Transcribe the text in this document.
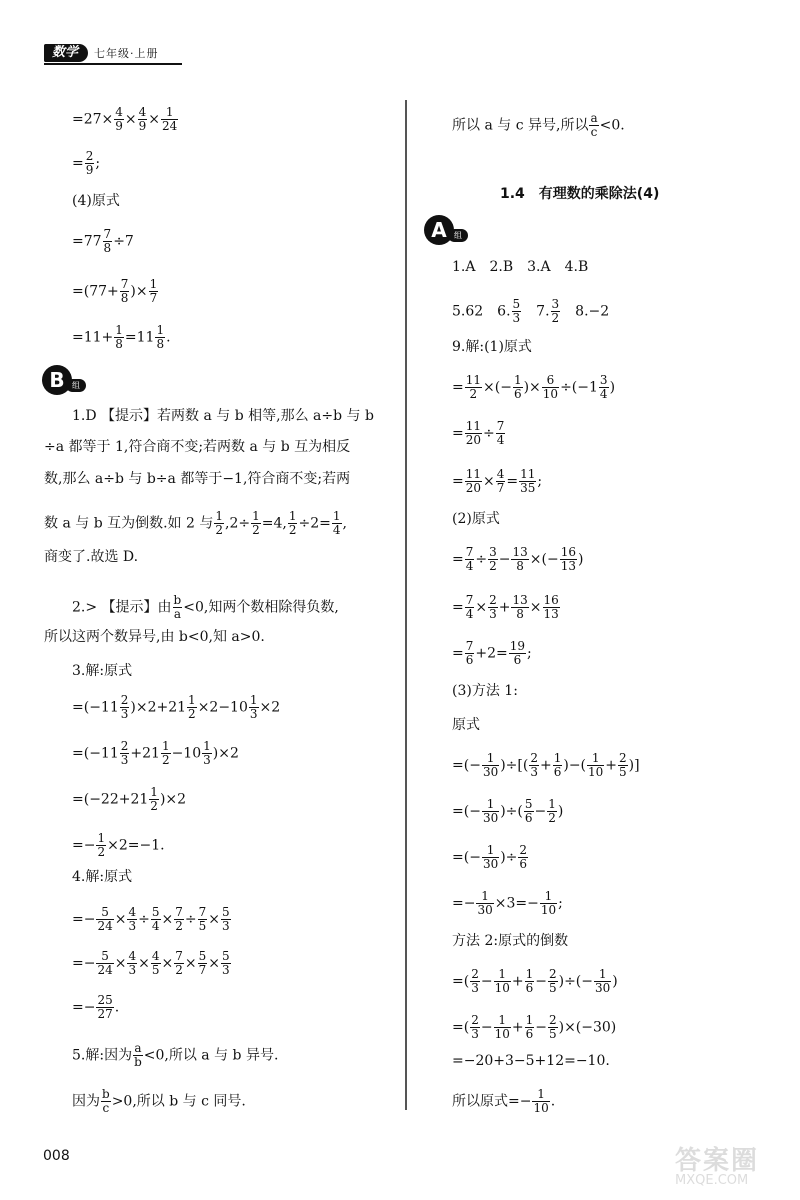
数学	七年级·上册
$=27\times \frac{4}{9} \times \frac{4}{9} \times \frac{1}{24}$
= $\frac{2}{9}$ ;
(4)原式
$=77 \frac{7}{8} \div 7$
$=(77+ \frac{7}{8}$ )× $\frac{1}{7}$
$=11+ \frac{1}{8} =11 \frac{1}{8}$ .
B 组
1.D 【提示】若两数 a 与 b 相等,那么 a÷b 与 b
÷a 都等于 1,符合商不变;若两数 a 与 b 互为相反
数,那么 a÷b 与 b÷a 都等于−1,符合商不变;若两
数 a 与 b 互为倒数.如 2 与 $\frac{1}{2} ,2\div \frac{1}{2} =4$, $\frac{1}{2} \div 2= \frac{1}{4}$ ,
商变了.故选 D.
2.> 【提示】由 $\frac{b}{a} <0$,知两个数相除得负数,
所以这两个数异号,由 b<0,知 a>0.
3.解:原式
$=(-11 \frac{2}{3} )\times 2+21 \frac{1}{2} \times 2-10 \frac{1}{3} \times 2$
$=(-11 \frac{2}{3} +21 \frac{1}{2} -10 \frac{1}{3} )\times 2$
$=(-22+21 \frac{1}{2} )\times 2$
=− $\frac{1}{2} \times 2=-1$.
4.解:原式
=− $\frac{5}{24} \times \frac{4}{3} \div \frac{5}{4} \times \frac{7}{2} \div \frac{7}{5} \times \frac{5}{3}$
=− $\frac{5}{24} \times \frac{4}{3} \times \frac{4}{5} \times \frac{7}{2} \times \frac{5}{7} \times \frac{5}{3}$
=− $\frac{25}{27}$ .
5.解:因为 $\frac{a}{b} <0$,所以 a 与 b 异号.
因为 $\frac{b}{c} >0$,所以 b 与 c 同号.
所以 a 与 c 异号,所以 $\frac{a}{c} <0$.
1.4　有理数的乘除法(4)
A 组
1.A　2.B　3.A　4.B
5.62　6. $\frac{5}{3}$ 　7. $\frac{3}{2}$ 　8.−2
9.解:(1)原式
= $\frac{11}{2}$ ×(− $\frac{1}{6}$ )× $\frac{6}{10} \div(-1 \frac{3}{4}$ )
= $\frac{11}{20} \div \frac{7}{4}$
= $\frac{11}{20} \times \frac{4}{7} = \frac{11}{35}$ ;
(2)原式
= $\frac{7}{4} \div \frac{3}{2} - \frac{13}{8}$ ×(− $\frac{16}{13}$ )
= $\frac{7}{4} \times \frac{2}{3} + \frac{13}{8} \times \frac{16}{13}$
= $\frac{7}{6} +2= \frac{19}{6}$ ;
(3)方法 1:
原式
=(− $\frac{1}{30}$ )÷[( $\frac{2}{3} + \frac{1}{6}$ )−( $\frac{1}{10} + \frac{2}{5}$ )]
=(− $\frac{1}{30}$ )÷( $\frac{5}{6} - \frac{1}{2}$ )
=(− $\frac{1}{30}$ )÷ $\frac{2}{6}$
=− $\frac{1}{30} \times 3=- \frac{1}{10}$ ;
方法 2:原式的倒数
=( $\frac{2}{3} - \frac{1}{10} + \frac{1}{6} - \frac{2}{5}$ )÷(− $\frac{1}{30}$ )
=( $\frac{2}{3} - \frac{1}{10} + \frac{1}{6} - \frac{2}{5} )\times(-30)$
=−20+3−5+12=−10.
所以原式=− $\frac{1}{10}$ .
008	答案圈
MXQE.COM
